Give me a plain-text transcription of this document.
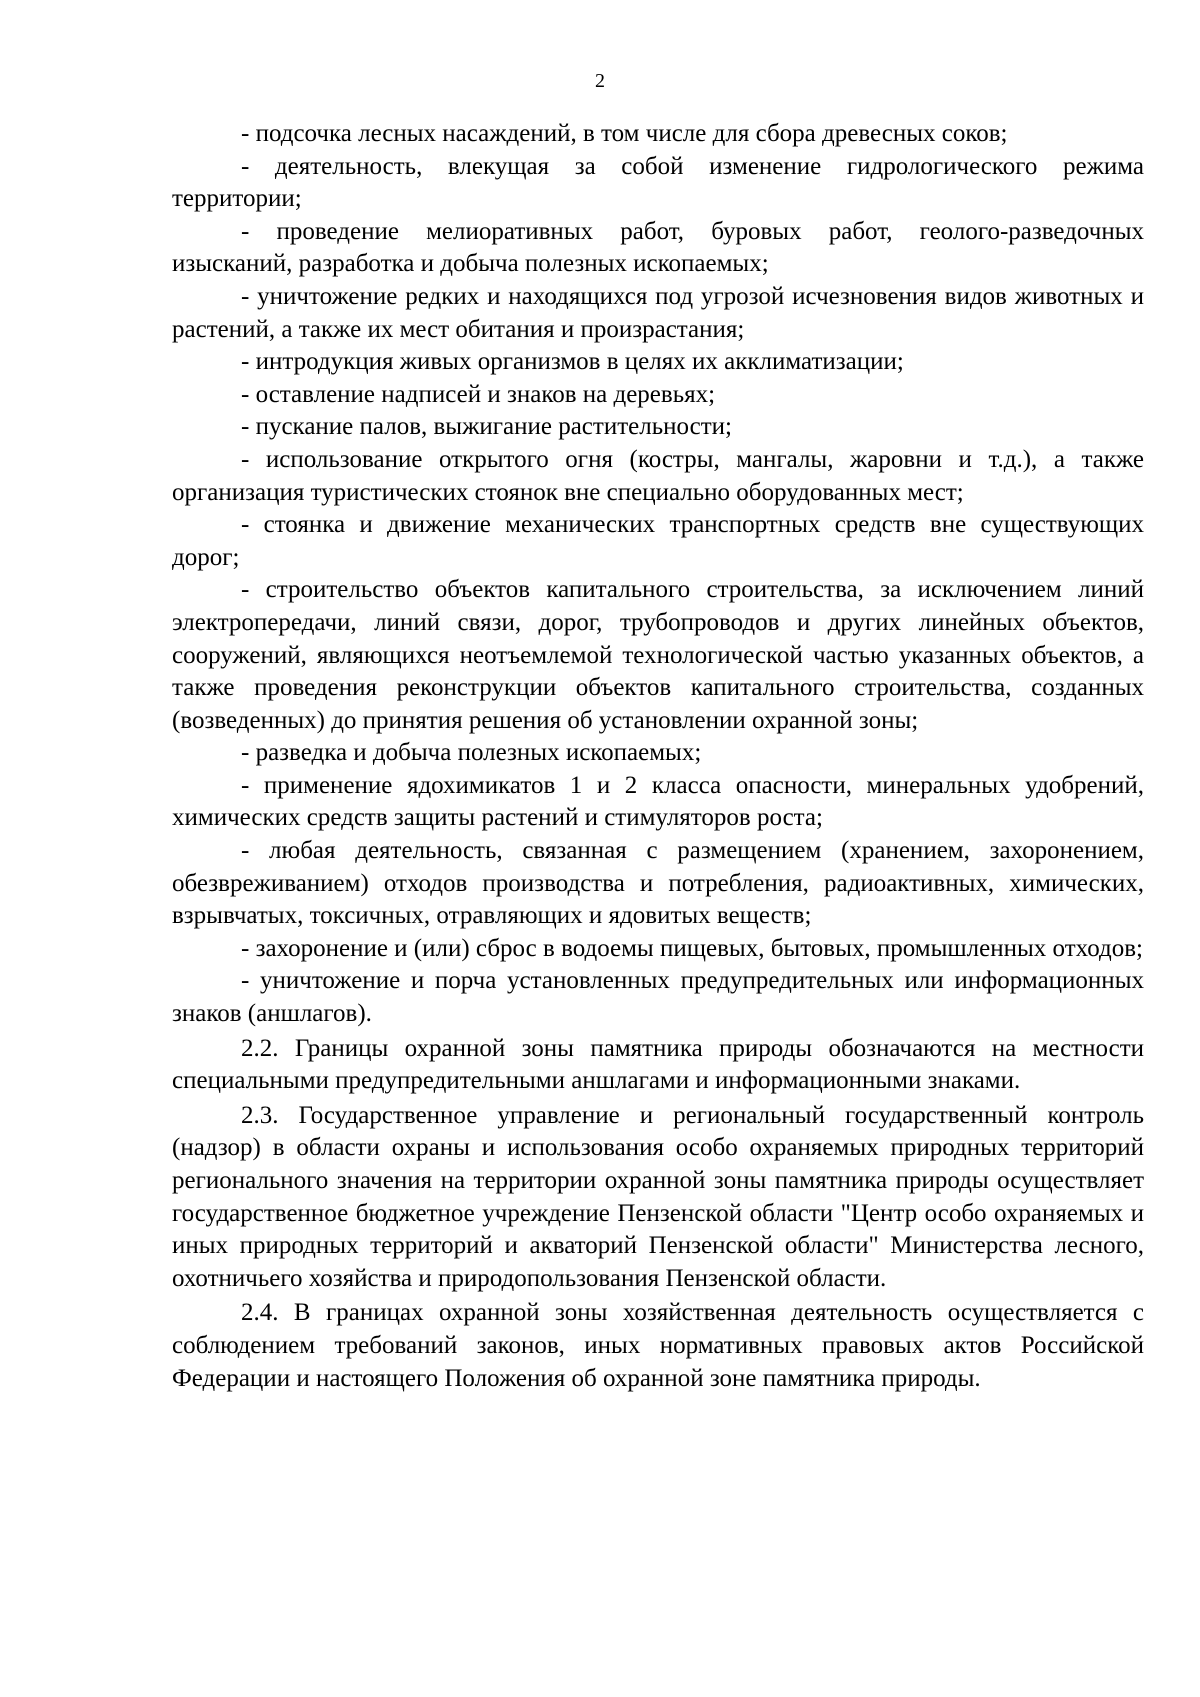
2

- подсочка лесных насаждений, в том числе для сбора древесных соков;

- деятельность, влекущая за собой изменение гидрологического режима территории;

- проведение мелиоративных работ, буровых работ, геолого-разведочных изысканий, разработка и добыча полезных ископаемых;

- уничтожение редких и находящихся под угрозой исчезновения видов животных и растений, а также их мест обитания и произрастания;

- интродукция живых организмов в целях их акклиматизации;

- оставление надписей и знаков на деревьях;

- пускание палов, выжигание растительности;

- использование открытого огня (костры, мангалы, жаровни и т.д.), а также организация туристических стоянок вне специально оборудованных мест;

- стоянка и движение механических транспортных средств вне существующих дорог;

- строительство объектов капитального строительства, за исключением линий электропередачи, линий связи, дорог, трубопроводов и других линейных объектов, сооружений, являющихся неотъемлемой технологической частью указанных объектов, а также проведения реконструкции объектов капитального строительства, созданных (возведенных) до принятия решения об установлении охранной зоны;

- разведка и добыча полезных ископаемых;

- применение ядохимикатов 1 и 2 класса опасности, минеральных удобрений, химических средств защиты растений и стимуляторов роста;

- любая деятельность, связанная с размещением (хранением, захоронением, обезвреживанием) отходов производства и потребления, радиоактивных, химических, взрывчатых, токсичных, отравляющих и ядовитых веществ;

- захоронение и (или) сброс в водоемы пищевых, бытовых, промышленных отходов;

- уничтожение и порча установленных предупредительных или информационных знаков (аншлагов).

2.2. Границы охранной зоны памятника природы обозначаются на местности специальными предупредительными аншлагами и информационными знаками.

2.3. Государственное управление и региональный государственный контроль (надзор) в области охраны и использования особо охраняемых природных территорий регионального значения на территории охранной зоны памятника природы осуществляет государственное бюджетное учреждение Пензенской области "Центр особо охраняемых и иных природных территорий и акваторий Пензенской области" Министерства лесного, охотничьего хозяйства и природопользования Пензенской области.

2.4. В границах охранной зоны хозяйственная деятельность осуществляется с соблюдением требований законов, иных нормативных правовых актов Российской Федерации и настоящего Положения об охранной зоне памятника природы.
